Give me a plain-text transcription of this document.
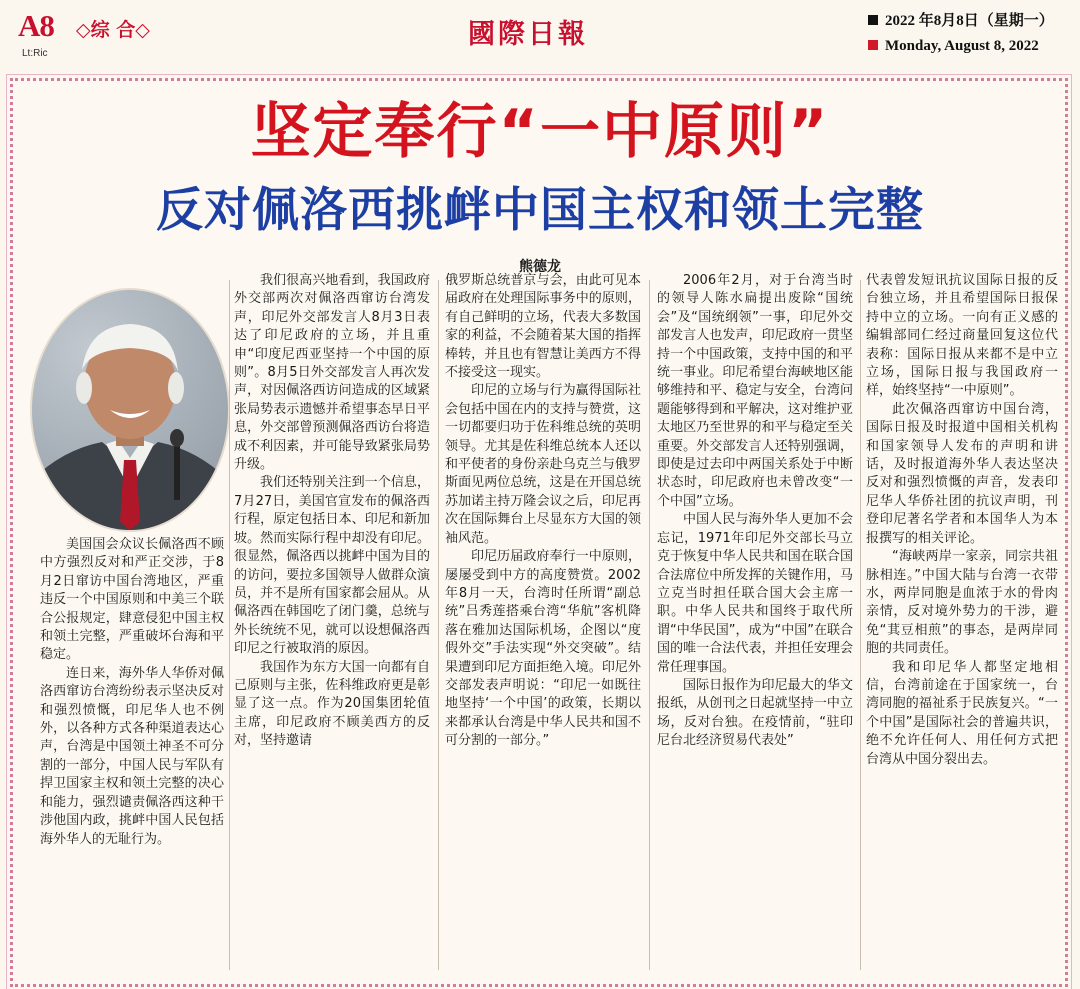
A8 ◇综 合◇
Lt:Ric
國際日報	2022 年8月8日（星期一）
Monday, August 8, 2022
坚定奉行“一中原则”
反对佩洛西挑衅中国主权和领土完整
熊德龙

美国国会众议长佩洛西不顾中方强烈反对和严正交涉，于8月2日窜访中国台湾地区，严重违反一个中国原则和中美三个联合公报规定，肆意侵犯中国主权和领土完整，严重破坏台海和平稳定。

连日来，海外华人华侨对佩洛西窜访台湾纷纷表示坚决反对和强烈愤慨，印尼华人也不例外，以各种方式各种渠道表达心声，台湾是中国领土神圣不可分割的一部分，中国人民与军队有捍卫国家主权和领土完整的决心和能力，强烈谴责佩洛西这种干涉他国内政，挑衅中国人民包括海外华人的无耻行为。

我们很高兴地看到，我国政府外交部两次对佩洛西窜访台湾发声，印尼外交部发言人8月3日表达了印尼政府的立场，并且重申“印度尼西亚坚持一个中国的原则”。8月5日外交部发言人再次发声，对因佩洛西访问造成的区域紧张局势表示遗憾并希望事态早日平息，外交部曾预测佩洛西访台将造成不利因素，并可能导致紧张局势升级。

我们还特别关注到一个信息，7月27日，美国官宣发布的佩洛西行程，原定包括日本、印尼和新加坡。然而实际行程中却没有印尼。很显然，佩洛西以挑衅中国为目的的访问，要拉多国领导人做群众演员，并不是所有国家都会屈从。从佩洛西在韩国吃了闭门羹，总统与外长统统不见，就可以设想佩洛西印尼之行被取消的原因。

我国作为东方大国一向都有自己原则与主张，佐科维政府更是彰显了这一点。作为20国集团轮值主席，印尼政府不顾美西方的反对，坚持邀请

俄罗斯总统普京与会，由此可见本届政府在处理国际事务中的原则，有自己鲜明的立场，代表大多数国家的利益，不会随着某大国的指挥棒转，并且也有智慧让美西方不得不接受这一现实。

印尼的立场与行为赢得国际社会包括中国在内的支持与赞赏，这一切都要归功于佐科维总统的英明领导。尤其是佐科维总统本人还以和平使者的身份亲赴乌克兰与俄罗斯面见两位总统，这是在开国总统苏加诺主持万隆会议之后，印尼再次在国际舞台上尽显东方大国的领袖风范。

印尼历届政府奉行一中原则，屡屡受到中方的高度赞赏。2002年8月一天，台湾时任所谓“副总统”吕秀莲搭乘台湾“华航”客机降落在雅加达国际机场，企图以“度假外交”手法实现“外交突破”。结果遭到印尼方面拒绝入境。印尼外交部发表声明说：“印尼一如既往地坚持‘一个中国’的政策，长期以来都承认台湾是中华人民共和国不可分割的一部分。”

2006年2月，对于台湾当时的领导人陈水扁提出废除“国统会”及“国统纲领”一事，印尼外交部发言人也发声，印尼政府一贯坚持一个中国政策，支持中国的和平统一事业。印尼希望台海峡地区能够维持和平、稳定与安全，台湾问题能够得到和平解决，这对维护亚太地区乃至世界的和平与稳定至关重要。外交部发言人还特别强调，即使是过去印中两国关系处于中断状态时，印尼政府也未曾改变“一个中国”立场。

中国人民与海外华人更加不会忘记，1971年印尼外交部长马立克于恢复中华人民共和国在联合国合法席位中所发挥的关键作用，马立克当时担任联合国大会主席一职。中华人民共和国终于取代所谓“中华民国”，成为“中国”在联合国的唯一合法代表，并担任安理会常任理事国。

国际日报作为印尼最大的华文报纸，从创刊之日起就坚持一中立场，反对台独。在疫情前，“驻印尼台北经济贸易代表处”

代表曾发短讯抗议国际日报的反台独立场，并且希望国际日报保持中立的立场。一向有正义感的编辑部同仁经过商量回复这位代表称：国际日报从来都不是中立立场，国际日报与我国政府一样，始终坚持“一中原则”。

此次佩洛西窜访中国台湾，国际日报及时报道中国相关机构和国家领导人发布的声明和讲话，及时报道海外华人表达坚决反对和强烈愤慨的声音，发表印尼华人华侨社团的抗议声明，刊登印尼著名学者和本国华人为本报撰写的相关评论。

“海峡两岸一家亲，同宗共祖脉相连。”中国大陆与台湾一衣带水，两岸同胞是血浓于水的骨肉亲情，反对境外势力的干涉，避免“萁豆相煎”的事态，是两岸同胞的共同责任。

我和印尼华人都坚定地相信，台湾前途在于国家统一，台湾同胞的福祉系于民族复兴。“一个中国”是国际社会的普遍共识，绝不允许任何人、用任何方式把台湾从中国分裂出去。
